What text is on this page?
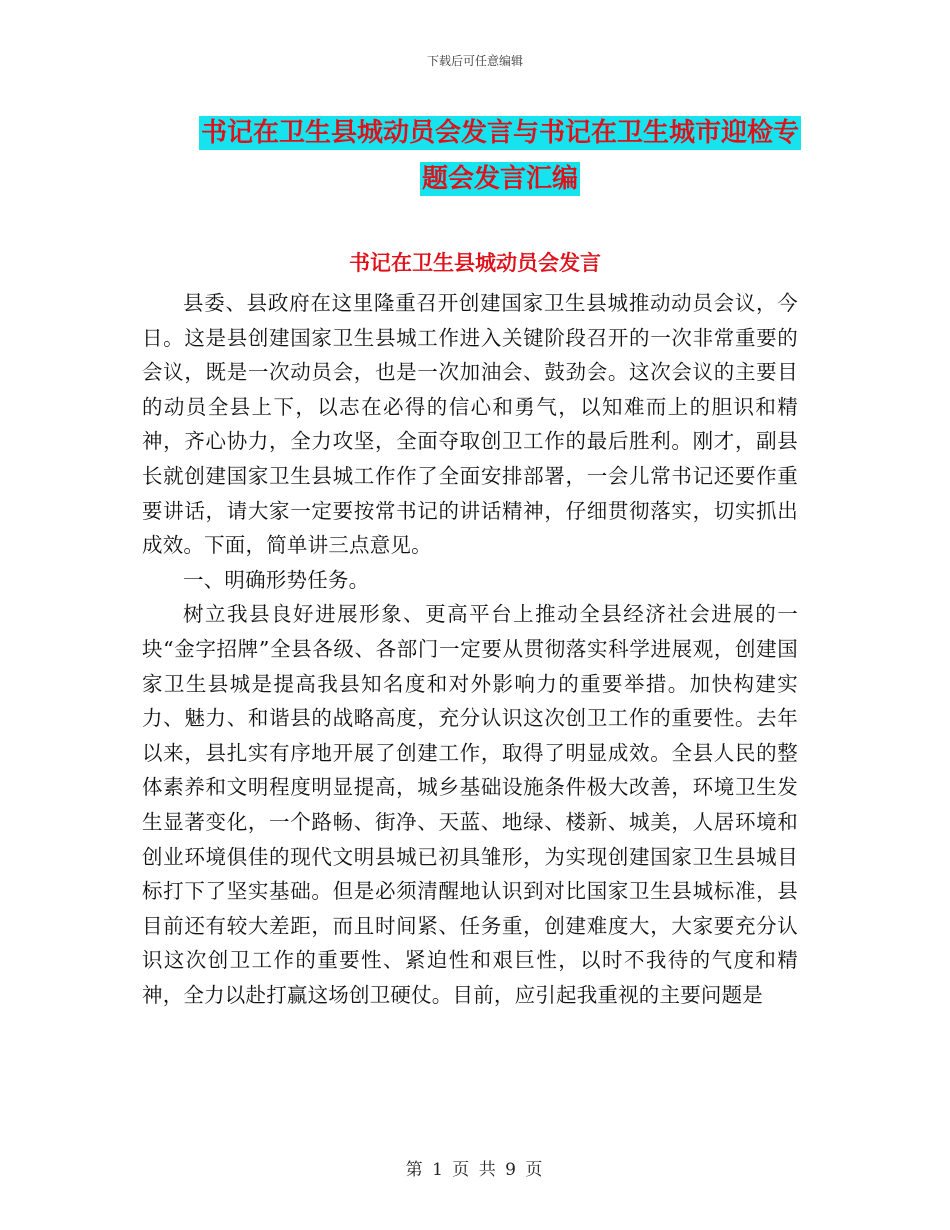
下载后可任意编辑
书记在卫生县城动员会发言与书记在卫生城市迎检专题会发言汇编
书记在卫生县城动员会发言

县委、县政府在这里隆重召开创建国家卫生县城推动动员会议，今日。这是县创建国家卫生县城工作进入关键阶段召开的一次非常重要的会议，既是一次动员会，也是一次加油会、鼓劲会。这次会议的主要目的动员全县上下，以志在必得的信心和勇气，以知难而上的胆识和精神，齐心协力，全力攻坚，全面夺取创卫工作的最后胜利。刚才，副县长就创建国家卫生县城工作作了全面安排部署，一会儿常书记还要作重要讲话，请大家一定要按常书记的讲话精神，仔细贯彻落实，切实抓出成效。下面，简单讲三点意见。

一、明确形势任务。

树立我县良好进展形象、更高平台上推动全县经济社会进展的一块“金字招牌”全县各级、各部门一定要从贯彻落实科学进展观，创建国家卫生县城是提高我县知名度和对外影响力的重要举措。加快构建实力、魅力、和谐县的战略高度，充分认识这次创卫工作的重要性。去年以来，县扎实有序地开展了创建工作，取得了明显成效。全县人民的整体素养和文明程度明显提高，城乡基础设施条件极大改善，环境卫生发生显著变化，一个路畅、街净、天蓝、地绿、楼新、城美，人居环境和创业环境俱佳的现代文明县城已初具雏形，为实现创建国家卫生县城目标打下了坚实基础。但是必须清醒地认识到对比国家卫生县城标准，县目前还有较大差距，而且时间紧、任务重，创建难度大，大家要充分认识这次创卫工作的重要性、紧迫性和艰巨性，以时不我待的气度和精神，全力以赴打赢这场创卫硬仗。目前，应引起我重视的主要问题是

第 1 页 共 9 页
